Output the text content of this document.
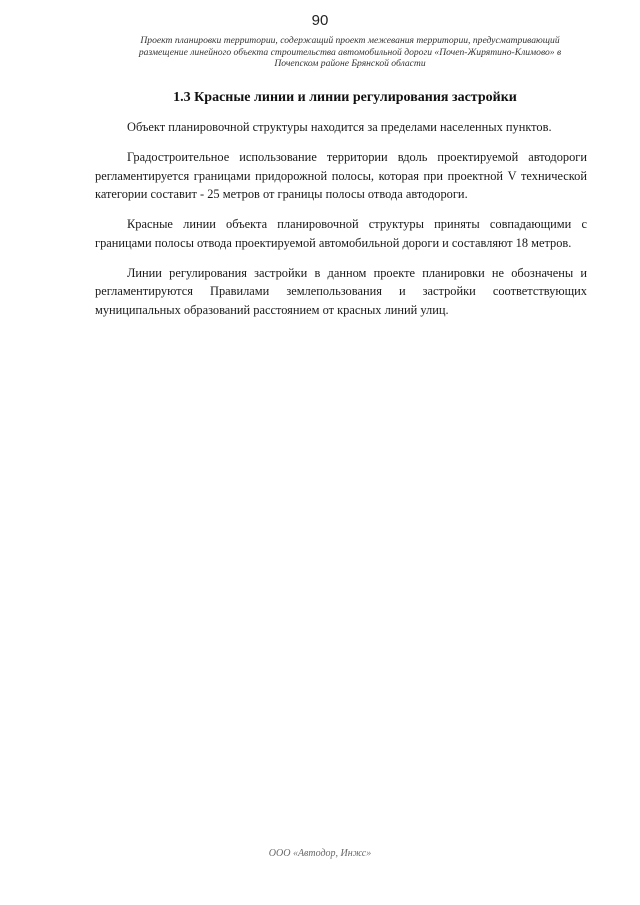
90
Проект планировки территории, содержащий проект межевания территории, предусматривающий
размещение линейного объекта строительства автомобильной дороги «Почеп-Жирятино-Климово» в
Почепском районе Брянской области
1.3 Красные линии и линии регулирования застройки

Объект планировочной структуры находится за пределами населенных пунктов.

Градостроительное использование территории вдоль проектируемой автодороги регламентируется границами придорожной полосы, которая при проектной V технической категории составит - 25 метров от границы полосы отвода автодороги.

Красные линии объекта планировочной структуры приняты совпадающими с границами полосы отвода проектируемой автомобильной дороги и составляют 18 метров.

Линии регулирования застройки в данном проекте планировки не обозначены и регламентируются Правилами землепользования и застройки соответствующих муниципальных образований расстоянием от красных линий улиц.

ООО «Автодор, Инжс»
